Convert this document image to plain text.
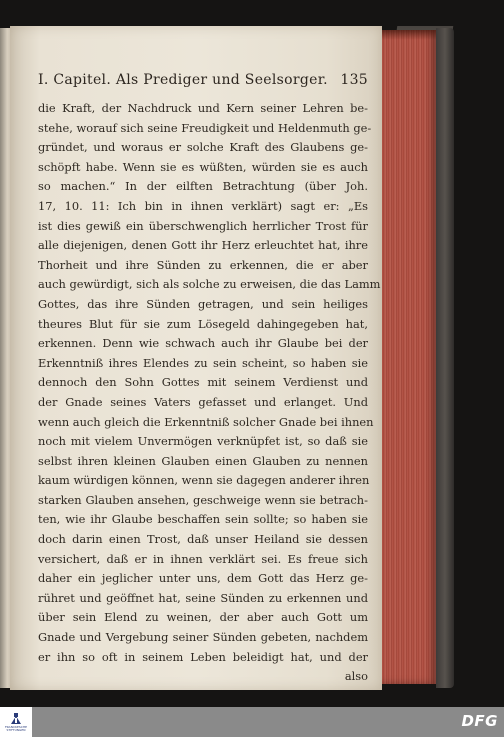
I. Capitel. Als Prediger und Seelsorger. 135
die Kraft, der Nachdruck und Kern seiner Lehren be-
stehe, worauf sich seine Freudigkeit und Heldenmuth ge-
gründet, und woraus er solche Kraft des Glaubens ge-
schöpft habe. Wenn sie es wüßten, würden sie es auch
so machen.“ In der eilften Betrachtung (über Joh.
17, 10. 11: Ich bin in ihnen verklärt) sagt er: „Es
ist dies gewiß ein überschwenglich herrlicher Trost für
alle diejenigen, denen Gott ihr Herz erleuchtet hat, ihre
Thorheit und ihre Sünden zu erkennen, die er aber
auch gewürdigt, sich als solche zu erweisen, die das Lamm
Gottes, das ihre Sünden getragen, und sein heiliges
theures Blut für sie zum Lösegeld dahingegeben hat,
erkennen. Denn wie schwach auch ihr Glaube bei der
Erkenntniß ihres Elendes zu sein scheint, so haben sie
dennoch den Sohn Gottes mit seinem Verdienst und
der Gnade seines Vaters gefasset und erlanget. Und
wenn auch gleich die Erkenntniß solcher Gnade bei ihnen
noch mit vielem Unvermögen verknüpfet ist, so daß sie
selbst ihren kleinen Glauben einen Glauben zu nennen
kaum würdigen können, wenn sie dagegen anderer ihren
starken Glauben ansehen, geschweige wenn sie betrach-
ten, wie ihr Glaube beschaffen sein sollte; so haben sie
doch darin einen Trost, daß unser Heiland sie dessen
versichert, daß er in ihnen verklärt sei. Es freue sich
daher ein jeglicher unter uns, dem Gott das Herz ge-
rühret und geöffnet hat, seine Sünden zu erkennen und
über sein Elend zu weinen, der aber auch Gott um
Gnade und Vergebung seiner Sünden gebeten, nachdem
er ihn so oft in seinem Leben beleidigt hat, und der
also
FRANCKESCHE
STIFTUNGEN	DFG
